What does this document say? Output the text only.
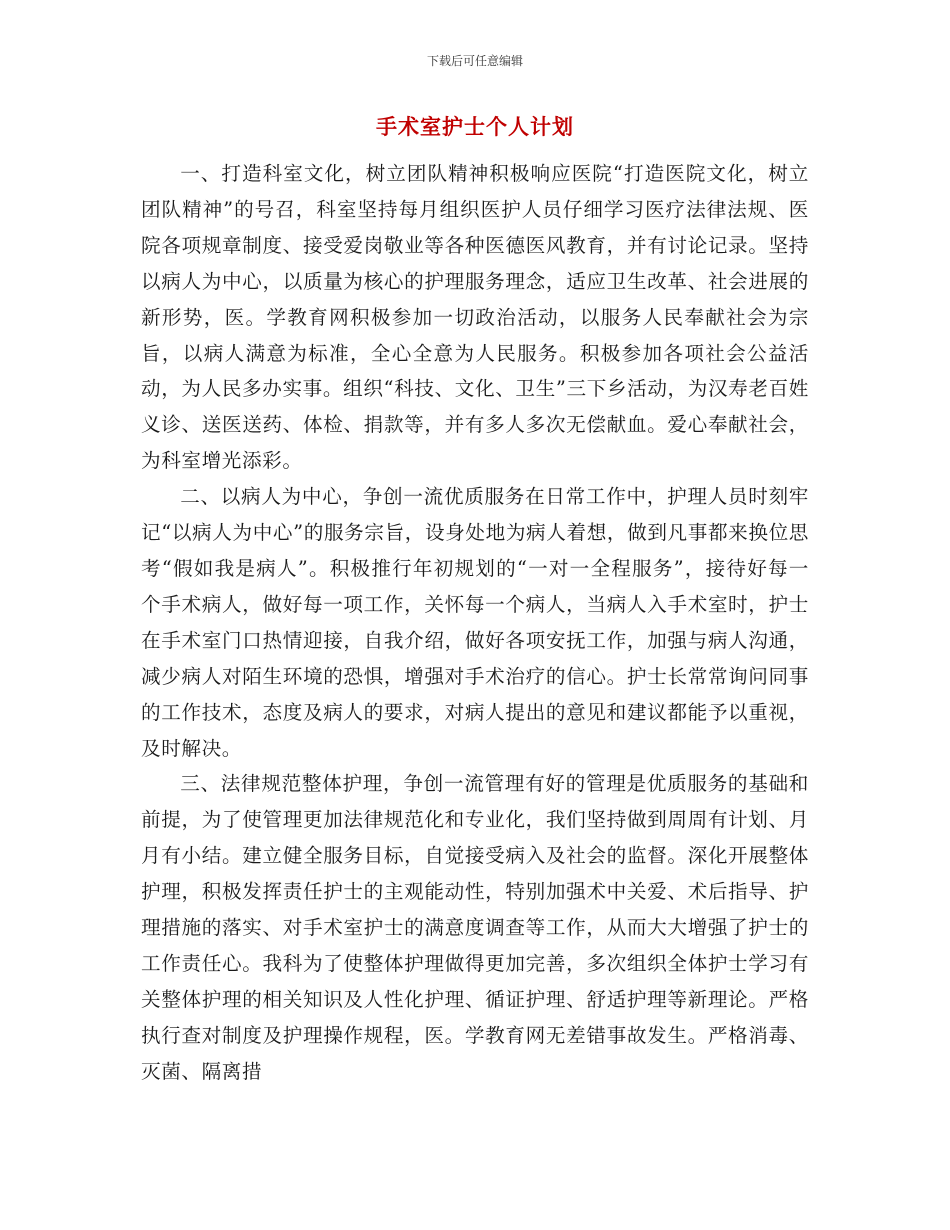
下载后可任意编辑
手术室护士个人计划

一、打造科室文化，树立团队精神积极响应医院“打造医院文化，树立团队精神”的号召，科室坚持每月组织医护人员仔细学习医疗法律法规、医院各项规章制度、接受爱岗敬业等各种医德医风教育，并有讨论记录。坚持以病人为中心，以质量为核心的护理服务理念，适应卫生改革、社会进展的新形势，医。学教育网积极参加一切政治活动，以服务人民奉献社会为宗旨，以病人满意为标准，全心全意为人民服务。积极参加各项社会公益活动，为人民多办实事。组织“科技、文化、卫生”三下乡活动，为汉寿老百姓义诊、送医送药、体检、捐款等，并有多人多次无偿献血。爱心奉献社会，为科室增光添彩。

二、以病人为中心，争创一流优质服务在日常工作中，护理人员时刻牢记“以病人为中心”的服务宗旨，设身处地为病人着想，做到凡事都来换位思考“假如我是病人”。积极推行年初规划的“一对一全程服务”，接待好每一个手术病人，做好每一项工作，关怀每一个病人，当病人入手术室时，护士在手术室门口热情迎接，自我介绍，做好各项安抚工作，加强与病人沟通，减少病人对陌生环境的恐惧，增强对手术治疗的信心。护士长常常询问同事的工作技术，态度及病人的要求，对病人提出的意见和建议都能予以重视，及时解决。

三、法律规范整体护理，争创一流管理有好的管理是优质服务的基础和前提，为了使管理更加法律规范化和专业化，我们坚持做到周周有计划、月月有小结。建立健全服务目标，自觉接受病入及社会的监督。深化开展整体护理，积极发挥责任护士的主观能动性，特别加强术中关爱、术后指导、护理措施的落实、对手术室护士的满意度调查等工作，从而大大增强了护士的工作责任心。我科为了使整体护理做得更加完善，多次组织全体护士学习有关整体护理的相关知识及人性化护理、循证护理、舒适护理等新理论。严格执行查对制度及护理操作规程，医。学教育网无差错事故发生。严格消毒、灭菌、隔离措
